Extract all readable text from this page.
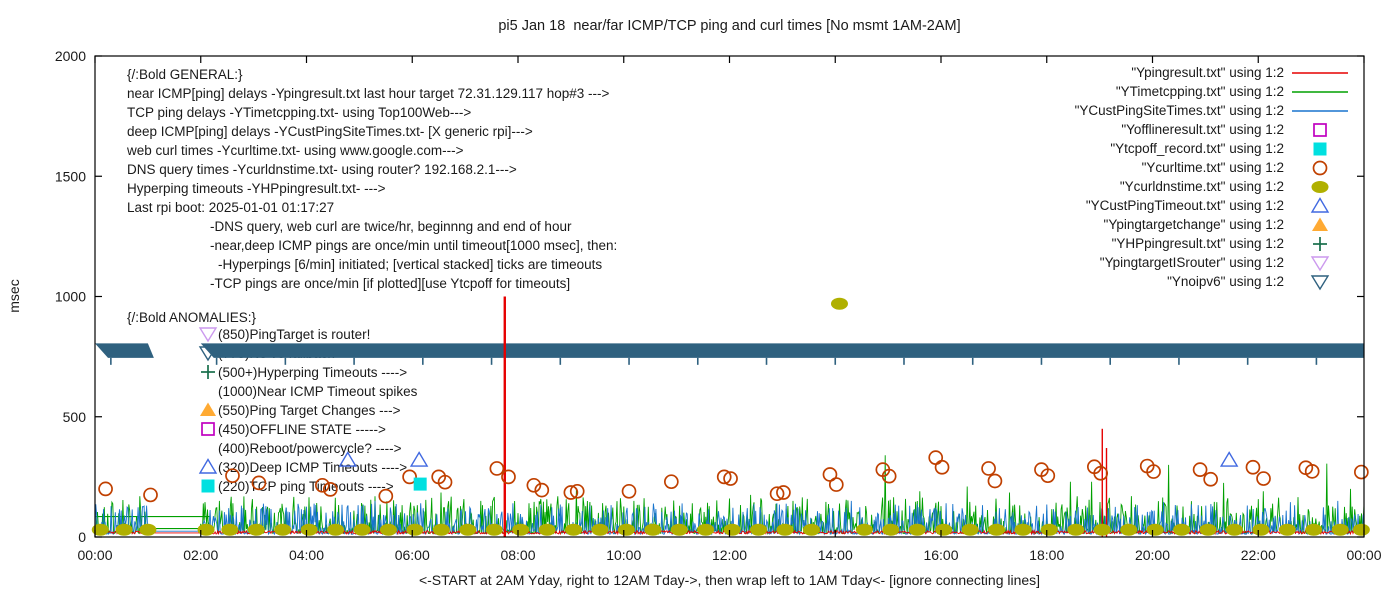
pi5 Jan 18  near/far ICMP/TCP ping and curl times [No msmt 1AM-2AM]
msec
<-START at 2AM Yday, right to 12AM Tday->, then wrap left to 1AM Tday<- [ignore connecting lines]
{/:Bold GENERAL:}
near ICMP[ping] delays -Ypingresult.txt last hour target 72.31.129.117 hop#3 --->
TCP ping delays -YTimetcpping.txt- using Top100Web--->
deep ICMP[ping] delays -YCustPingSiteTimes.txt- [X generic rpi]--->
web curl times -Ycurltime.txt- using www.google.com--->
DNS query times -Ycurldnstime.txt- using router? 192.168.2.1--->
Hyperping timeouts -YHPpingresult.txt- --->
Last rpi boot: 2025-01-01 01:17:27
-DNS query, web curl are twice/hr, beginnng and end of hour
-near,deep ICMP pings are once/min until timeout[1000 msec], then:
-Hyperpings [6/min] initiated; [vertical stacked] ticks are timeouts
-TCP pings are once/min [if plotted][use Ytcpoff for timeouts]
{/:Bold ANOMALIES:}
(850)PingTarget is router!
(500+)Hyperping Timeouts ---->
(1000)Near ICMP Timeout spikes
(550)Ping Target Changes --->
(450)OFFLINE STATE ----->
(400)Reboot/powercycle? ---->
(320)Deep ICMP Timeouts ---->
(220)TCP ping Timeouts ---->
"Ypingresult.txt" using 1:2
"YTimetcpping.txt" using 1:2
"YCustPingSiteTimes.txt" using 1:2
"Yofflineresult.txt" using 1:2
"Ytcpoff_record.txt" using 1:2
"Ycurltime.txt" using 1:2
"Ycurldnstime.txt" using 1:2
"YCustPingTimeout.txt" using 1:2
"Ypingtargetchange" using 1:2
"YHPpingresult.txt" using 1:2
"YpingtargetISrouter" using 1:2
"Ynoipv6" using 1:2
00:00	02:00	04:00	06:00	08:00	10:00	12:00	14:00	16:00	18:00	20:00	22:00	00:00
0
500
1000
1500
2000
